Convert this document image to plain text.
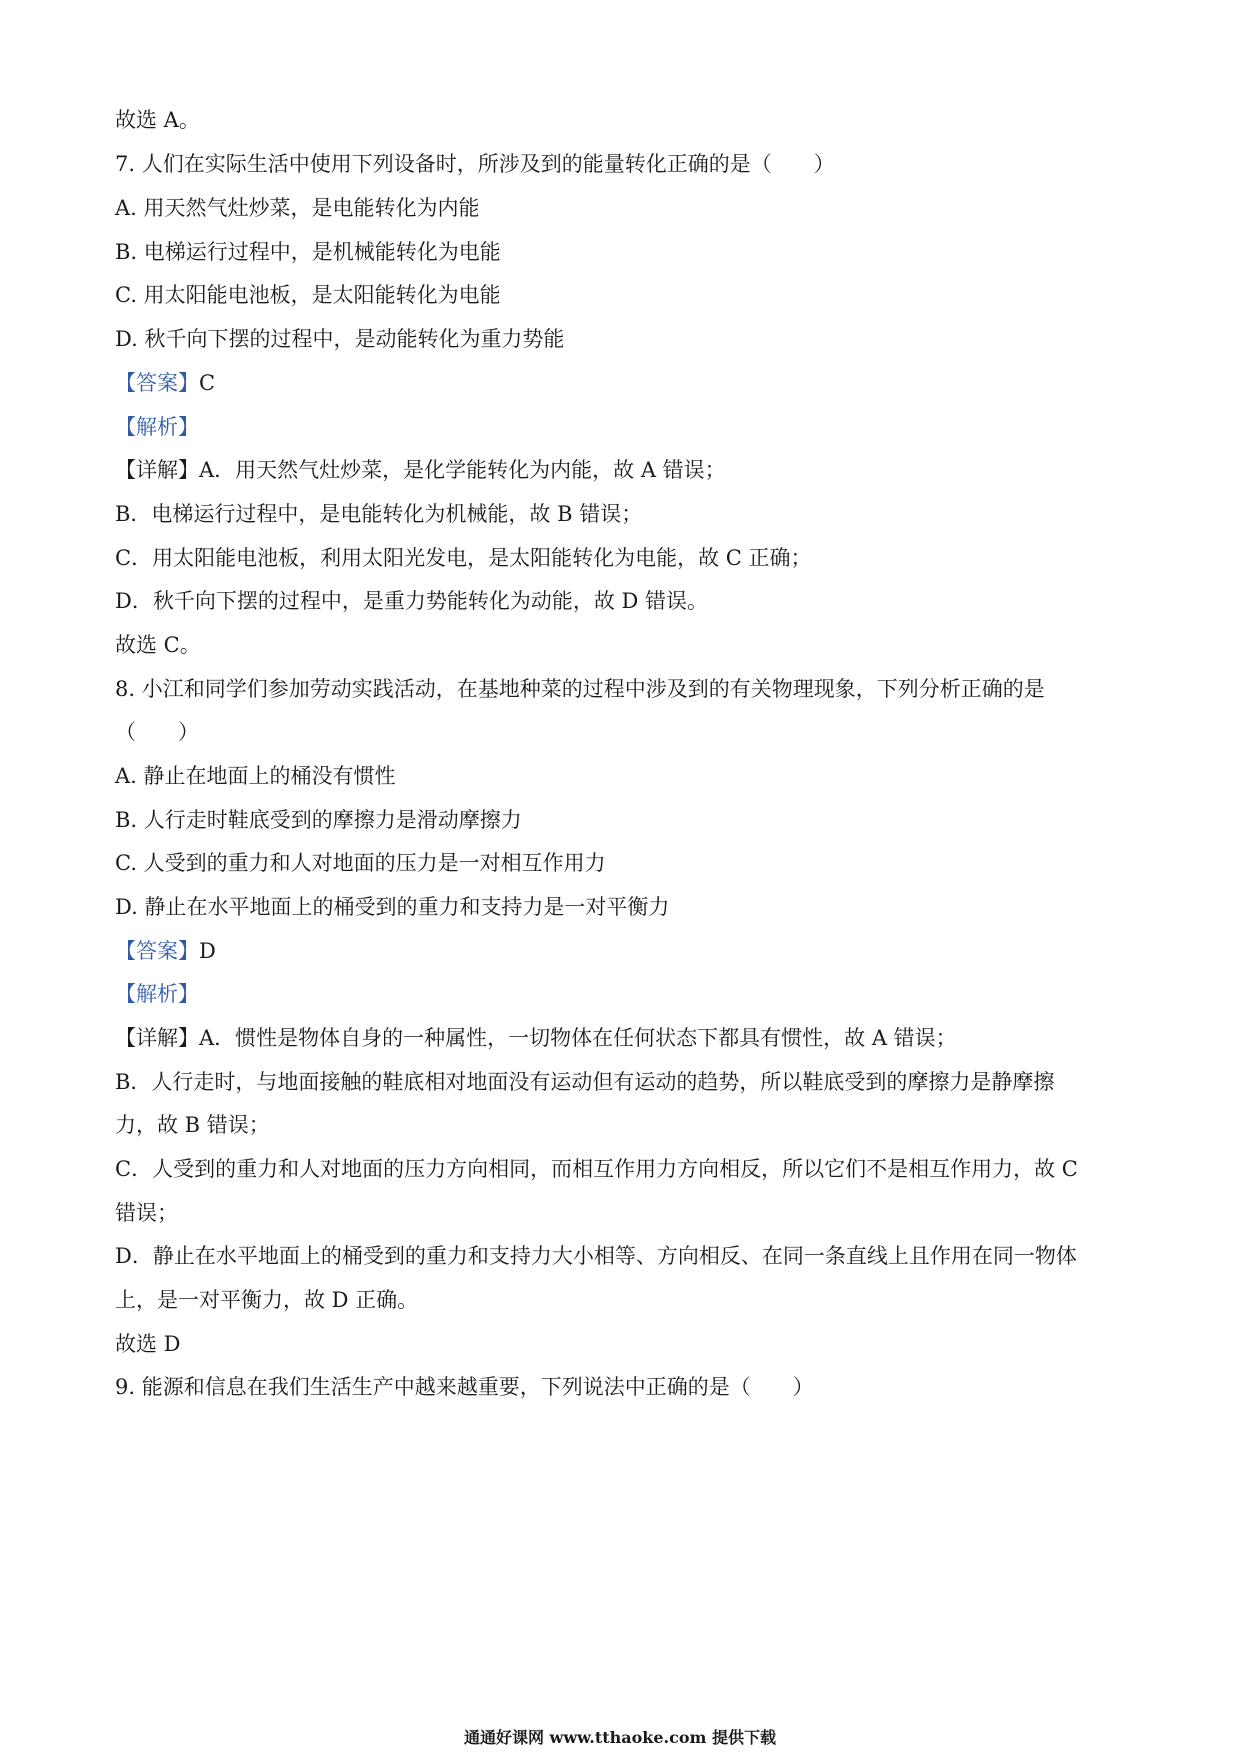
故选 A。
7. 人们在实际生活中使用下列设备时，所涉及到的能量转化正确的是（　　）
A. 用天然气灶炒菜，是电能转化为内能
B. 电梯运行过程中，是机械能转化为电能
C. 用太阳能电池板，是太阳能转化为电能
D. 秋千向下摆的过程中，是动能转化为重力势能
【答案】C
【解析】
【详解】A．用天然气灶炒菜，是化学能转化为内能，故 A 错误；
B．电梯运行过程中，是电能转化为机械能，故 B 错误；
C．用太阳能电池板，利用太阳光发电，是太阳能转化为电能，故 C 正确；
D．秋千向下摆的过程中，是重力势能转化为动能，故 D 错误。
故选 C。
8. 小江和同学们参加劳动实践活动，在基地种菜的过程中涉及到的有关物理现象，下列分析正确的是
（　　）
A. 静止在地面上的桶没有惯性
B. 人行走时鞋底受到的摩擦力是滑动摩擦力
C. 人受到的重力和人对地面的压力是一对相互作用力
D. 静止在水平地面上的桶受到的重力和支持力是一对平衡力
【答案】D
【解析】
【详解】A．惯性是物体自身的一种属性，一切物体在任何状态下都具有惯性，故 A 错误；
B．人行走时，与地面接触的鞋底相对地面没有运动但有运动的趋势，所以鞋底受到的摩擦力是静摩擦
力，故 B 错误；
C．人受到的重力和人对地面的压力方向相同，而相互作用力方向相反，所以它们不是相互作用力，故 C
错误；
D．静止在水平地面上的桶受到的重力和支持力大小相等、方向相反、在同一条直线上且作用在同一物体
上，是一对平衡力，故 D 正确。
故选 D
9. 能源和信息在我们生活生产中越来越重要，下列说法中正确的是（　　）
通通好课网 www.tthaoke.com 提供下载
